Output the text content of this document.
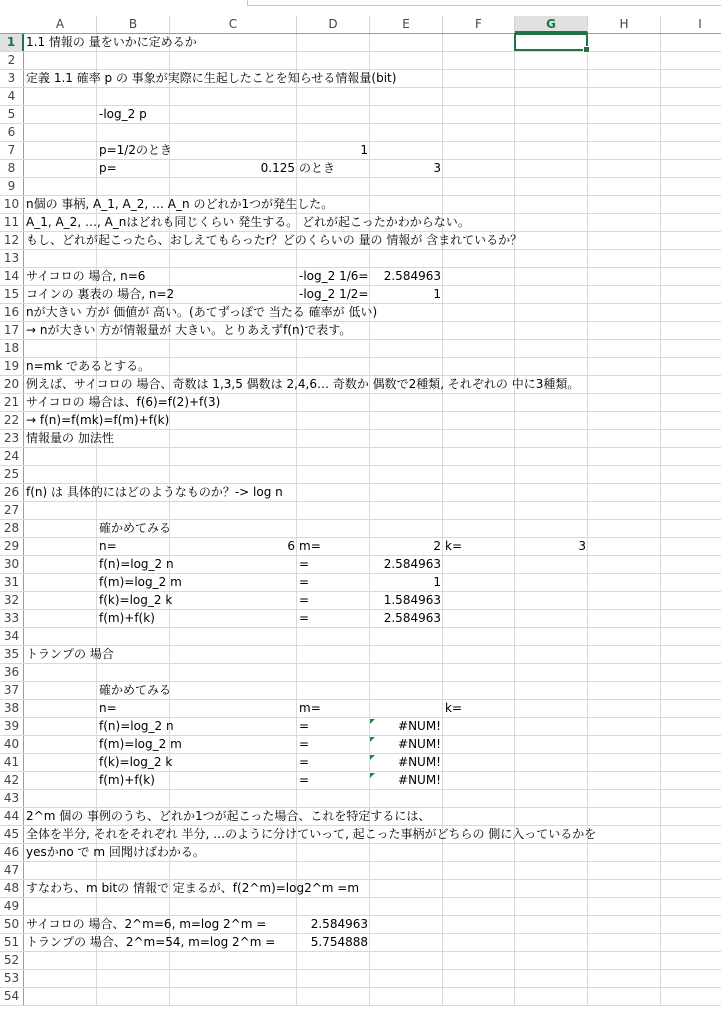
A	B	C	D	E	F	G	H	I
1 1.1 情報の 量をいかに定めるか
2
3 定義 1.1 確率 p の 事象が実際に生起したことを知らせる情報量(bit)
4
5	-log_2 p
6
7	p=1/2のとき	1
8	p=	0.125 のとき	3
9
10 n個の 事柄, A_1, A_2, … A_n のどれか1つが発生した。
11 A_1, A_2, …, A_nはどれも同じくらい 発生する。 どれが起こったかわからない。
12 もし、どれが起こったら、おしえてもらったr？どのくらいの 量の 情報が 含まれているか？
13
14 サイコロの 場合, n=6	-log_2 1/6=	2.584963
15 コインの 裏表の 場合, n=2	-log_2 1/2=	1
16 nが大きい 方が 価値が 高い。(あてずっぽで 当たる 確率が 低い)
17 → nが大きい 方が情報量が 大きい。とりあえずf(n)で表す。
18
19 n=mk であるとする。
20 例えば、サイコロの 場合、奇数は 1,3,5 偶数は 2,4,6… 奇数か 偶数で2種類, それぞれの 中に3種類。
21 サイコロの 場合は、f(6)=f(2)+f(3)
22 → f(n)=f(mk)=f(m)+f(k)
23 情報量の 加法性
24
25
26 f(n) は 具体的にはどのようなものか？-> log n
27
28	確かめてみる
29	n=	6 m=	2 k=	3
30	f(n)=log_2 n	=	2.584963
31	f(m)=log_2 m	=	1
32	f(k)=log_2 k	=	1.584963
33	f(m)+f(k)	=	2.584963
34
35 トランプの 場合
36
37	確かめてみる
38	n=	m=	k=
39	f(n)=log_2 n	=	#NUM!
40	f(m)=log_2 m	=	#NUM!
41	f(k)=log_2 k	=	#NUM!
42	f(m)+f(k)	=	#NUM!
43
44 2^m 個の 事例のうち、どれか1つが起こった場合、これを特定するには、
45 全体を半分, それをそれぞれ 半分, …のように分けていって, 起こった事柄がどちらの 側に入っているかを
46 yesかno で m 回聞けばわかる。
47
48 すなわち、m bitの 情報で 定まるが、f(2^m)=log2^m =m
49
50 サイコロの 場合、2^m=6, m=log 2^m =	2.584963
51 トランプの 場合、2^m=54, m=log 2^m =	5.754888
52
53
54
